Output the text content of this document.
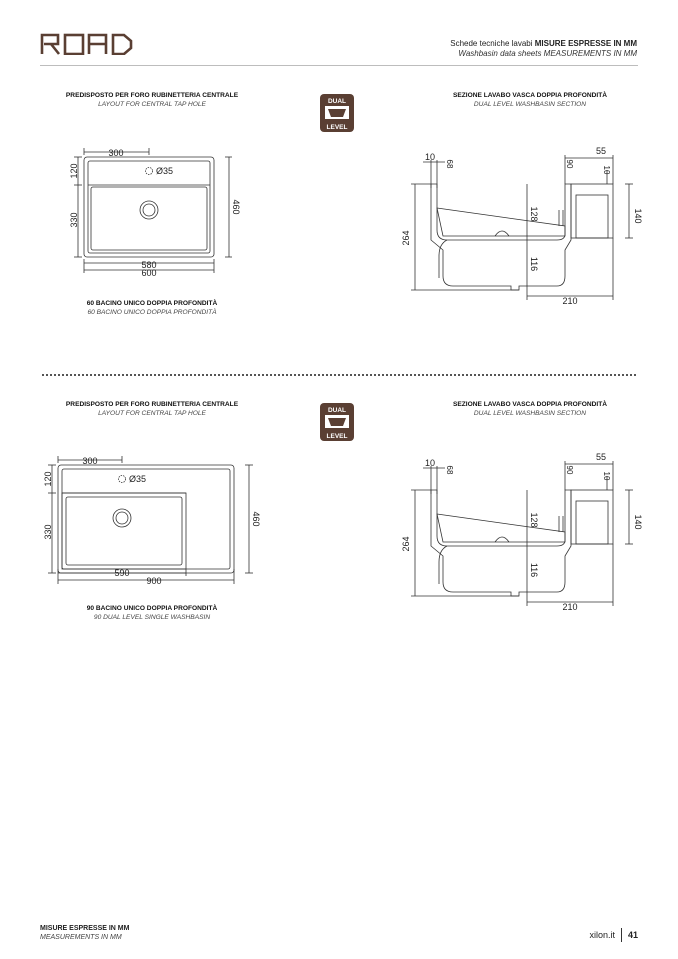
Schede tecniche lavabi MISURE ESPRESSE IN MM
Washbasin data sheets MEASUREMENTS IN MM
PREDISPOSTO PER FORO RUBINETTERIA CENTRALE
LAYOUT FOR CENTRAL TAP HOLE	DUAL
LEVEL
SEZIONE LAVABO VASCA DOPPIA PROFONDITÀ
DUAL LEVEL WASHBASIN SECTION
300
Ø35
120
330
460
580
600
60 BACINO UNICO DOPPIA PROFONDITÀ
60 BACINO UNICO DOPPIA PROFONDITÀ
10
68	90
55
10
128	140
264
116
210
PREDISPOSTO PER FORO RUBINETTERIA CENTRALE
LAYOUT FOR CENTRAL TAP HOLE	DUAL
LEVEL
SEZIONE LAVABO VASCA DOPPIA PROFONDITÀ
DUAL LEVEL WASHBASIN SECTION
300
Ø35
120
330
460
590
900
90 BACINO UNICO DOPPIA PROFONDITÀ
90 DUAL LEVEL SINGLE WASHBASIN
10
68	90
55
10
128	140
264
116
210
MISURE ESPRESSE IN MM
MEASUREMENTS IN MM	xilon.it 41
